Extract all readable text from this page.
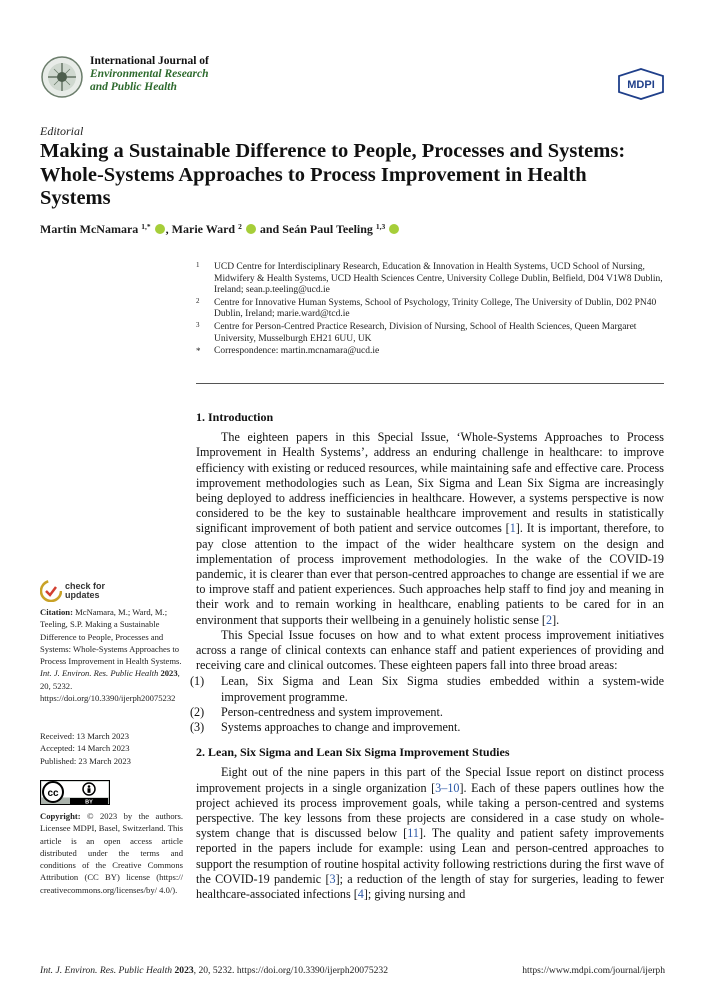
International Journal of
Environmental Research
and Public Health	MDPI
Editorial
Making a Sustainable Difference to People, Processes and Systems: Whole-Systems Approaches to Process Improvement in Health Systems
Martin McNamara $^{1,*}$ , Marie Ward $^2$  and Seán Paul Teeling $^{1,3}$
1 UCD Centre for Interdisciplinary Research, Education & Innovation in Health Systems, UCD School of Nursing, Midwifery & Health Systems, UCD Health Sciences Centre, University College Dublin, Belfield, D04 V1W8 Dublin, Ireland; sean.p.teeling@ucd.ie
2 Centre for Innovative Human Systems, School of Psychology, Trinity College, The University of Dublin, D02 PN40 Dublin, Ireland; marie.ward@tcd.ie
3 Centre for Person-Centred Practice Research, Division of Nursing, School of Health Sciences, Queen Margaret University, Musselburgh EH21 6UU, UK
* Correspondence: martin.mcnamara@ucd.ie
1. Introduction

The eighteen papers in this Special Issue, ‘Whole-Systems Approaches to Process Improvement in Health Systems’, address an enduring challenge in healthcare: to improve efficiency with existing or reduced resources, while maintaining safe and effective care. Process improvement methodologies such as Lean, Six Sigma and Lean Six Sigma are increasingly being deployed to address inefficiencies in healthcare. However, a systems perspective is now considered to be the key to sustainable healthcare improvement and results in statistically significant improvement of both patient and service outcomes [1]. It is important, therefore, to pay close attention to the impact of the wider healthcare system on the design and implementation of process improvement methodologies. In the wake of the COVID-19 pandemic, it is clearer than ever that person-centred approaches to change are essential if we are to improve staff and patient experiences. Such approaches help staff to find joy and meaning in their work and to remain working in healthcare, enabling patients to be cared for in an environment that supports their wellbeing in a genuinely holistic sense [2].

This Special Issue focuses on how and to what extent process improvement initiatives across a range of clinical contexts can enhance staff and patient experiences of providing and receiving care and clinical outcomes. These eighteen papers fall into three broad areas:

(1) Lean, Six Sigma and Lean Six Sigma studies embedded within a system-wide improvement programme.
(2) Person-centredness and system improvement.
(3) Systems approaches to change and improvement.
2. Lean, Six Sigma and Lean Six Sigma Improvement Studies

Eight out of the nine papers in this part of the Special Issue report on distinct process improvement projects in a single organization [3–10]. Each of these papers outlines how the project achieved its process improvement goals, while taking a person-centred and systems perspective. The key lessons from these projects are considered in a case study on whole-system change that is discussed below [11]. The quality and patient safety improvements reported in the papers include for example: using Lean and person-centred approaches to support the resumption of routine hospital activity following restrictions during the first wave of the COVID-19 pandemic [3]; a reduction of the length of stay for surgeries, leading to fewer healthcare-associated infections [4]; giving nursing and

check for
updates
Citation: McNamara, M.; Ward, M.; Teeling, S.P. Making a Sustainable Difference to People, Processes and Systems: Whole-Systems Approaches to Process Improvement in Health Systems. Int. J. Environ. Res. Public Health 2023, 20, 5232. https://doi.org/10.3390/ijerph20075232
Received: 13 March 2023
Accepted: 14 March 2023
Published: 23 March 2023
cc
BY
Copyright: © 2023 by the authors. Licensee MDPI, Basel, Switzerland. This article is an open access article distributed under the terms and conditions of the Creative Commons Attribution (CC BY) license (https:// creativecommons.org/licenses/by/ 4.0/).
Int. J. Environ. Res. Public Health 2023, 20, 5232. https://doi.org/10.3390/ijerph20075232	https://www.mdpi.com/journal/ijerph
